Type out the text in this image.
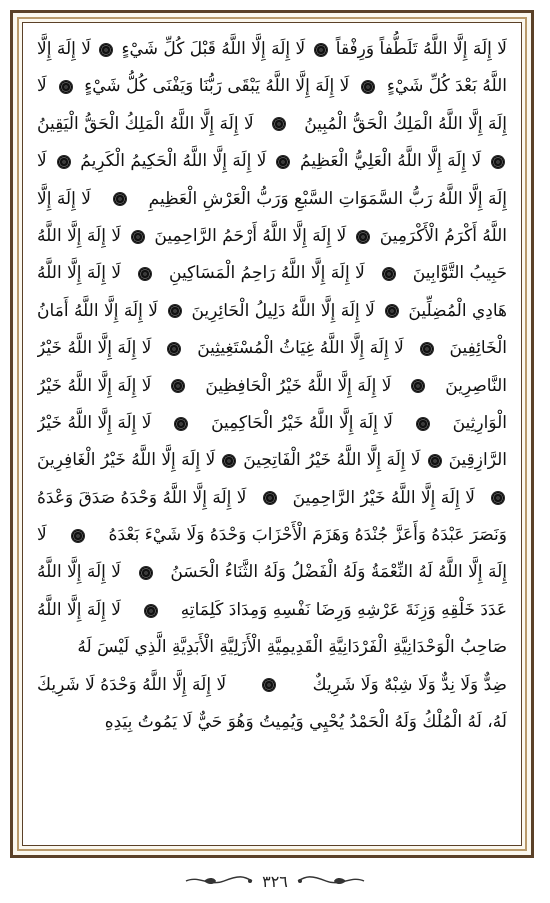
لَا إِلَهَ إِلَّا اللَّهُ تَلَطُّفاً وَرِفْقاً
لَا إِلَهَ إِلَّا اللَّهُ قَبْلَ كُلِّ شَيْءٍ
لَا إِلَهَ إِلَّا
اللَّهُ بَعْدَ كُلِّ شَيْءٍ
لَا إِلَهَ إِلَّا اللَّهُ يَبْقَى رَبُّنَا وَيَفْنَى كُلُّ شَيْءٍ
لَا
إِلَهَ إِلَّا اللَّهُ الْمَلِكُ الْحَقُّ الْمُبِينُ
لَا إِلَهَ إِلَّا اللَّهُ الْمَلِكُ الْحَقُّ الْيَقِينُ
لَا إِلَهَ إِلَّا اللَّهُ الْعَلِيُّ الْعَظِيمُ
لَا إِلَهَ إِلَّا اللَّهُ الْحَكِيمُ الْكَرِيمُ
لَا
إِلَهَ إِلَّا اللَّهُ رَبُّ السَّمَوَاتِ السَّبْعِ وَرَبُّ الْعَرْشِ الْعَظِيمِ
لَا إِلَهَ إِلَّا
اللَّهُ أَكْرَمُ الْأَكْرَمِينَ
لَا إِلَهَ إِلَّا اللَّهُ أَرْحَمُ الرَّاحِمِينَ
لَا إِلَهَ إِلَّا اللَّهُ
حَبِيبُ التَّوَّابِينَ
لَا إِلَهَ إِلَّا اللَّهُ رَاحِمُ الْمَسَاكِينِ
لَا إِلَهَ إِلَّا اللَّهُ
هَادِي الْمُضِلِّينَ
لَا إِلَهَ إِلَّا اللَّهُ دَلِيلُ الْحَائِرِينَ
لَا إِلَهَ إِلَّا اللَّهُ أَمَانُ
الْخَائِفِينَ
لَا إِلَهَ إِلَّا اللَّهُ غِيَاثُ الْمُسْتَغِيثِينَ
لَا إِلَهَ إِلَّا اللَّهُ خَيْرُ
النَّاصِرِينَ
لَا إِلَهَ إِلَّا اللَّهُ خَيْرُ الْحَافِظِينَ
لَا إِلَهَ إِلَّا اللَّهُ خَيْرُ
الْوَارِثِينَ
لَا إِلَهَ إِلَّا اللَّهُ خَيْرُ الْحَاكِمِينَ
لَا إِلَهَ إِلَّا اللَّهُ خَيْرُ
الرَّازِقِينَ
لَا إِلَهَ إِلَّا اللَّهُ خَيْرُ الْفَاتِحِينَ
لَا إِلَهَ إِلَّا اللَّهُ خَيْرُ الْغَافِرِينَ
لَا إِلَهَ إِلَّا اللَّهُ خَيْرُ الرَّاحِمِينَ
لَا إِلَهَ إِلَّا اللَّهُ وَحْدَهُ صَدَقَ وَعْدَهُ
وَنَصَرَ عَبْدَهُ وَأَعَزَّ جُنْدَهُ وَهَزَمَ الْأَحْزَابَ وَحْدَهُ وَلَا شَيْءَ بَعْدَهُ
لَا
إِلَهَ إِلَّا اللَّهُ لَهُ النِّعْمَةُ وَلَهُ الْفَضْلُ وَلَهُ الثَّنَاءُ الْحَسَنُ
لَا إِلَهَ إِلَّا اللَّهُ
عَدَدَ خَلْقِهِ وَزِنَةَ عَرْشِهِ وَرِضَا نَفْسِهِ وَمِدَادَ كَلِمَاتِهِ
لَا إِلَهَ إِلَّا اللَّهُ
صَاحِبُ الْوَحْدَانِيَّةِ الْفَرْدَانِيَّةِ الْقَدِيمِيَّةِ الْأَزَلِيَّةِ الْأَبَدِيَّةِ الَّذِي لَيْسَ لَهُ
ضِدٌّ وَلَا نِدٌّ وَلَا شِبْهٌ وَلَا شَرِيكٌ
لَا إِلَهَ إِلَّا اللَّهُ وَحْدَهُ لَا شَرِيكَ
لَهُ، لَهُ الْمُلْكُ وَلَهُ الْحَمْدُ يُحْيِي وَيُمِيتُ وَهُوَ حَيٌّ لَا يَمُوتُ بِيَدِهِ
٣٢٦
